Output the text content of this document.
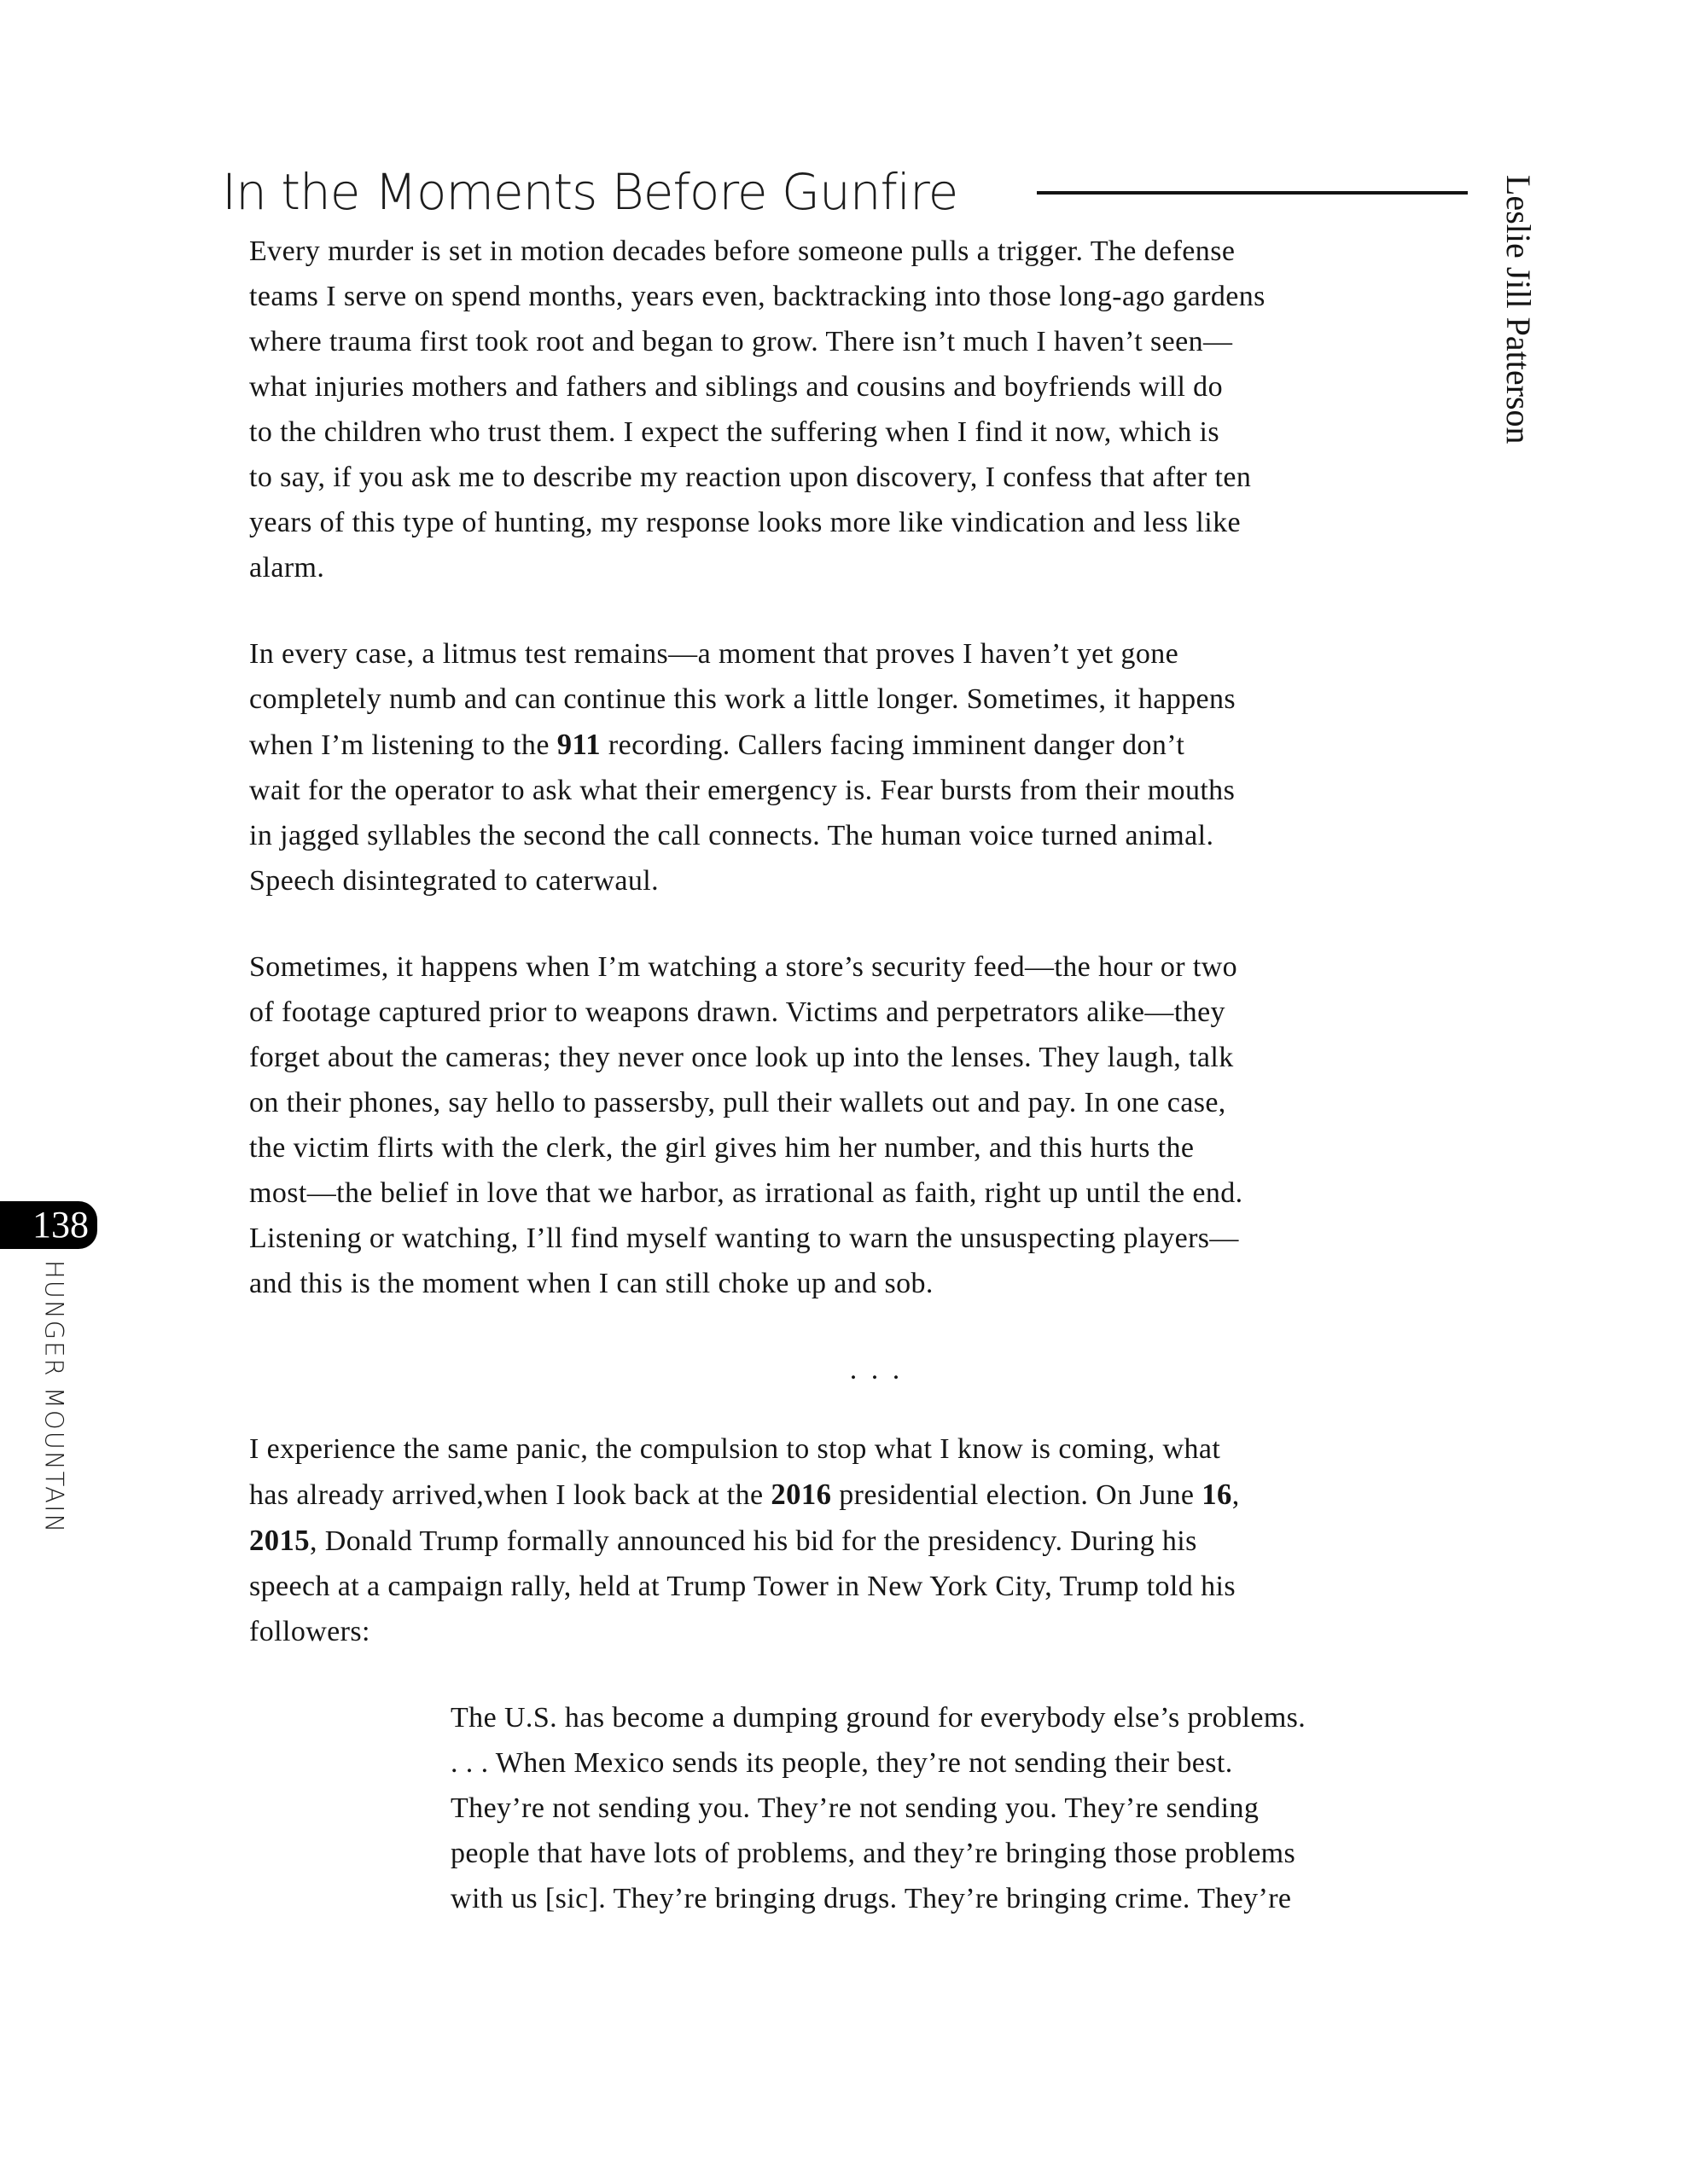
In the Moments Before Gunfire	Leslie Jill Patterson
138
HUNGER MOUNTAIN
Every murder is set in motion decades before someone pulls a trigger. The defense
teams I serve on spend months, years even, backtracking into those long-ago gardens
where trauma first took root and began to grow. There isn’t much I haven’t seen—
what injuries mothers and fathers and siblings and cousins and boyfriends will do
to the children who trust them. I expect the suffering when I find it now, which is
to say, if you ask me to describe my reaction upon discovery, I confess that after ten
years of this type of hunting, my response looks more like vindication and less like
alarm.
In every case, a litmus test remains—a moment that proves I haven’t yet gone
completely numb and can continue this work a little longer. Sometimes, it happens
when I’m listening to the 911 recording. Callers facing imminent danger don’t
wait for the operator to ask what their emergency is. Fear bursts from their mouths
in jagged syllables the second the call connects. The human voice turned animal.
Speech disintegrated to caterwaul.
Sometimes, it happens when I’m watching a store’s security feed—the hour or two
of footage captured prior to weapons drawn. Victims and perpetrators alike—they
forget about the cameras; they never once look up into the lenses. They laugh, talk
on their phones, say hello to passersby, pull their wallets out and pay. In one case,
the victim flirts with the clerk, the girl gives him her number, and this hurts the
most—the belief in love that we harbor, as irrational as faith, right up until the end.
Listening or watching, I’ll find myself wanting to warn the unsuspecting players—
and this is the moment when I can still choke up and sob.
. . .
I experience the same panic, the compulsion to stop what I know is coming, what
has already arrived,when I look back at the 2016 presidential election. On June 16,
2015, Donald Trump formally announced his bid for the presidency. During his
speech at a campaign rally, held at Trump Tower in New York City, Trump told his
followers:
The U.S. has become a dumping ground for everybody else’s problems.
. . . When Mexico sends its people, they’re not sending their best.
They’re not sending you. They’re not sending you. They’re sending
people that have lots of problems, and they’re bringing those problems
with us [sic]. They’re bringing drugs. They’re bringing crime. They’re
